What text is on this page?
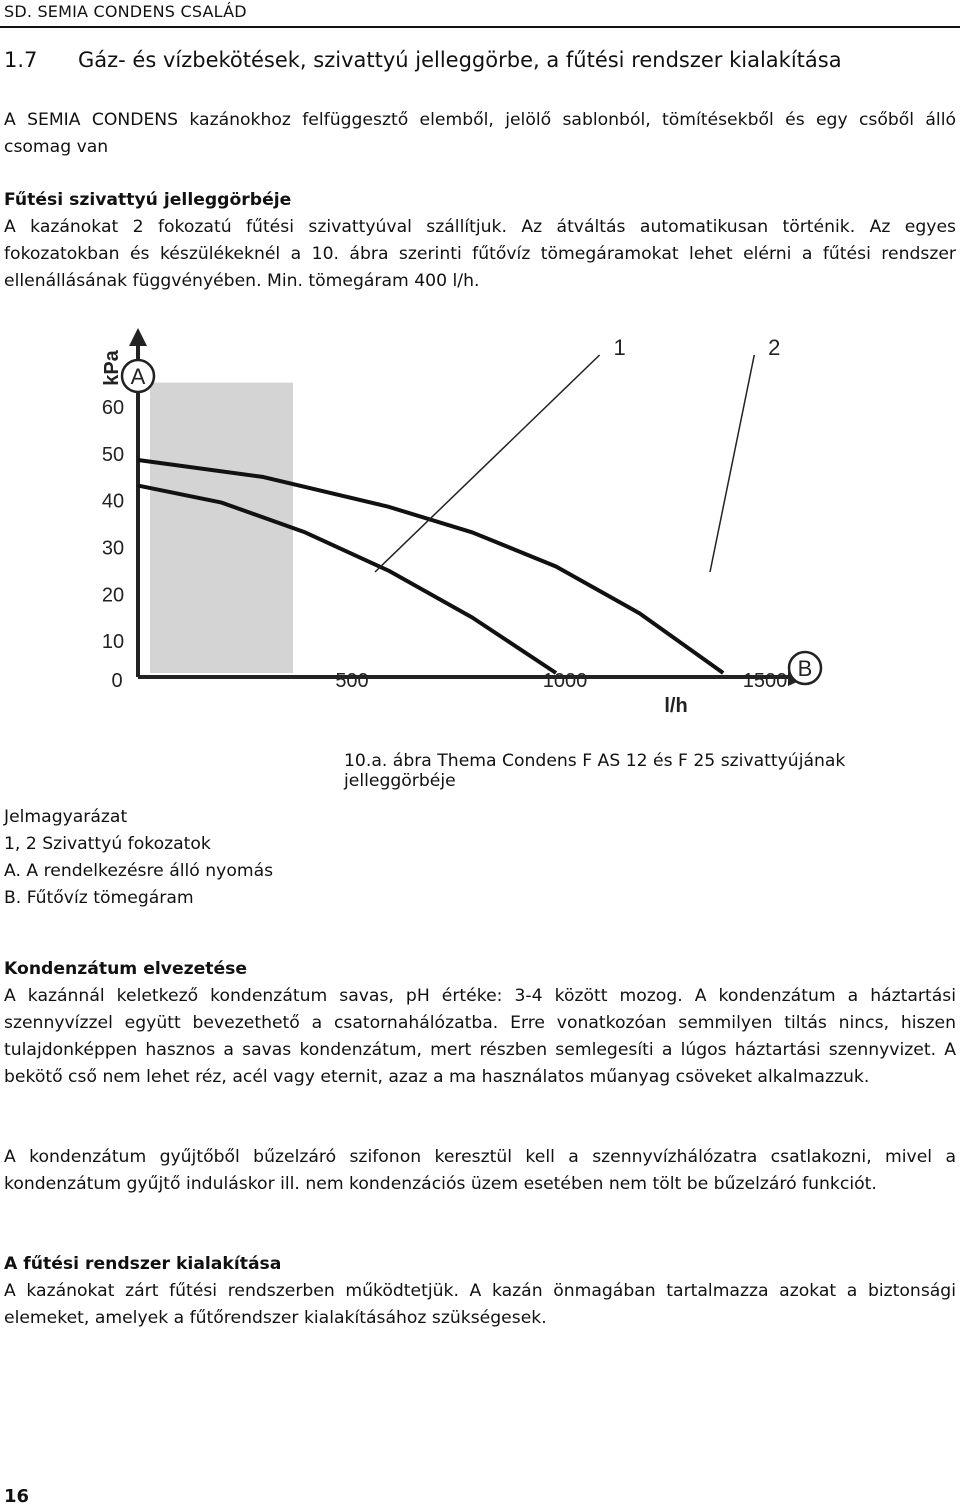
SD. SEMIA CONDENS CSALÁD
1.7 Gáz- és vízbekötések, szivattyú jelleggörbe, a fűtési rendszer kialakítása
A SEMIA CONDENS kazánokhoz felfüggesztő elemből, jelölő sablonból, tömítésekből és egy csőből álló csomag van
Fűtési szivattyú jelleggörbéje
A kazánokat 2 fokozatú fűtési szivattyúval szállítjuk. Az átváltás automatikusan történik. Az egyes fokozatokban és készülékeknél a 10. ábra szerinti fűtővíz tömegáramokat lehet elérni a fűtési rendszer ellenállásának függvényében. Min. tömegáram 400 l/h.
A
B
kPa
l/h
10
20
30
40
50
60
0	500	1000	1500
1	2
10.a. ábra Thema Condens F AS 12 és F 25 szivattyújának jelleggörbéje
Jelmagyarázat
1, 2 Szivattyú fokozatok
A. A rendelkezésre álló nyomás
B. Fűtővíz tömegáram
Kondenzátum elvezetése
A kazánnál keletkező kondenzátum savas, pH értéke: 3-4 között mozog. A kondenzátum a háztartási szennyvízzel együtt bevezethető a csatornahálózatba. Erre vonatkozóan semmilyen tiltás nincs, hiszen tulajdonképpen hasznos a savas kondenzátum, mert részben semlegesíti a lúgos háztartási szennyvizet. A bekötő cső nem lehet réz, acél vagy eternit, azaz a ma használatos műanyag csöveket alkalmazzuk.
A kondenzátum gyűjtőből bűzelzáró szifonon keresztül kell a szennyvízhálózatra csatlakozni, mivel a kondenzátum gyűjtő induláskor ill. nem kondenzációs üzem esetében nem tölt be bűzelzáró funkciót.
A fűtési rendszer kialakítása
A kazánokat zárt fűtési rendszerben működtetjük. A kazán önmagában tartalmazza azokat a biztonsági elemeket, amelyek a fűtőrendszer kialakításához szükségesek.
16
